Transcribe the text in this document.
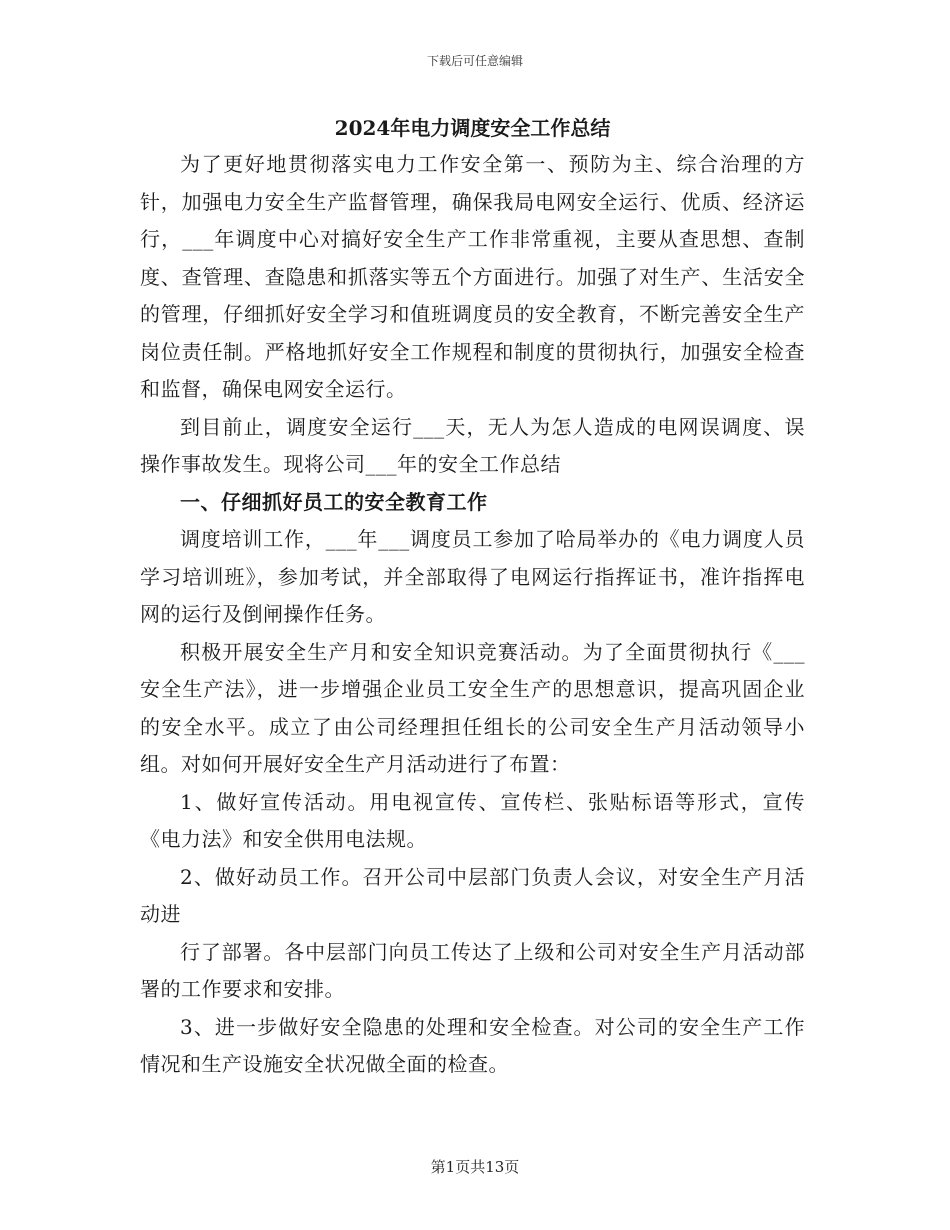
下载后可任意编辑
2024年电力调度安全工作总结

为了更好地贯彻落实电力工作安全第一、预防为主、综合治理的方针，加强电力安全生产监督管理，确保我局电网安全运行、优质、经济运行，___年调度中心对搞好安全生产工作非常重视，主要从查思想、查制度、查管理、查隐患和抓落实等五个方面进行。加强了对生产、生活安全的管理，仔细抓好安全学习和值班调度员的安全教育，不断完善安全生产岗位责任制。严格地抓好安全工作规程和制度的贯彻执行，加强安全检查和监督，确保电网安全运行。

到目前止，调度安全运行___天，无人为怎人造成的电网误调度、误操作事故发生。现将公司___年的安全工作总结

一、仔细抓好员工的安全教育工作

调度培训工作，___年___调度员工参加了哈局举办的《电力调度人员学习培训班》，参加考试，并全部取得了电网运行指挥证书，准许指挥电网的运行及倒闸操作任务。

积极开展安全生产月和安全知识竞赛活动。为了全面贯彻执行《___安全生产法》，进一步增强企业员工安全生产的思想意识，提高巩固企业的安全水平。成立了由公司经理担任组长的公司安全生产月活动领导小组。对如何开展好安全生产月活动进行了布置：

1、做好宣传活动。用电视宣传、宣传栏、张贴标语等形式，宣传《电力法》和安全供用电法规。

2、做好动员工作。召开公司中层部门负责人会议，对安全生产月活动进

行了部署。各中层部门向员工传达了上级和公司对安全生产月活动部署的工作要求和安排。

3、进一步做好安全隐患的处理和安全检查。对公司的安全生产工作情况和生产设施安全状况做全面的检查。

第1页共13页
